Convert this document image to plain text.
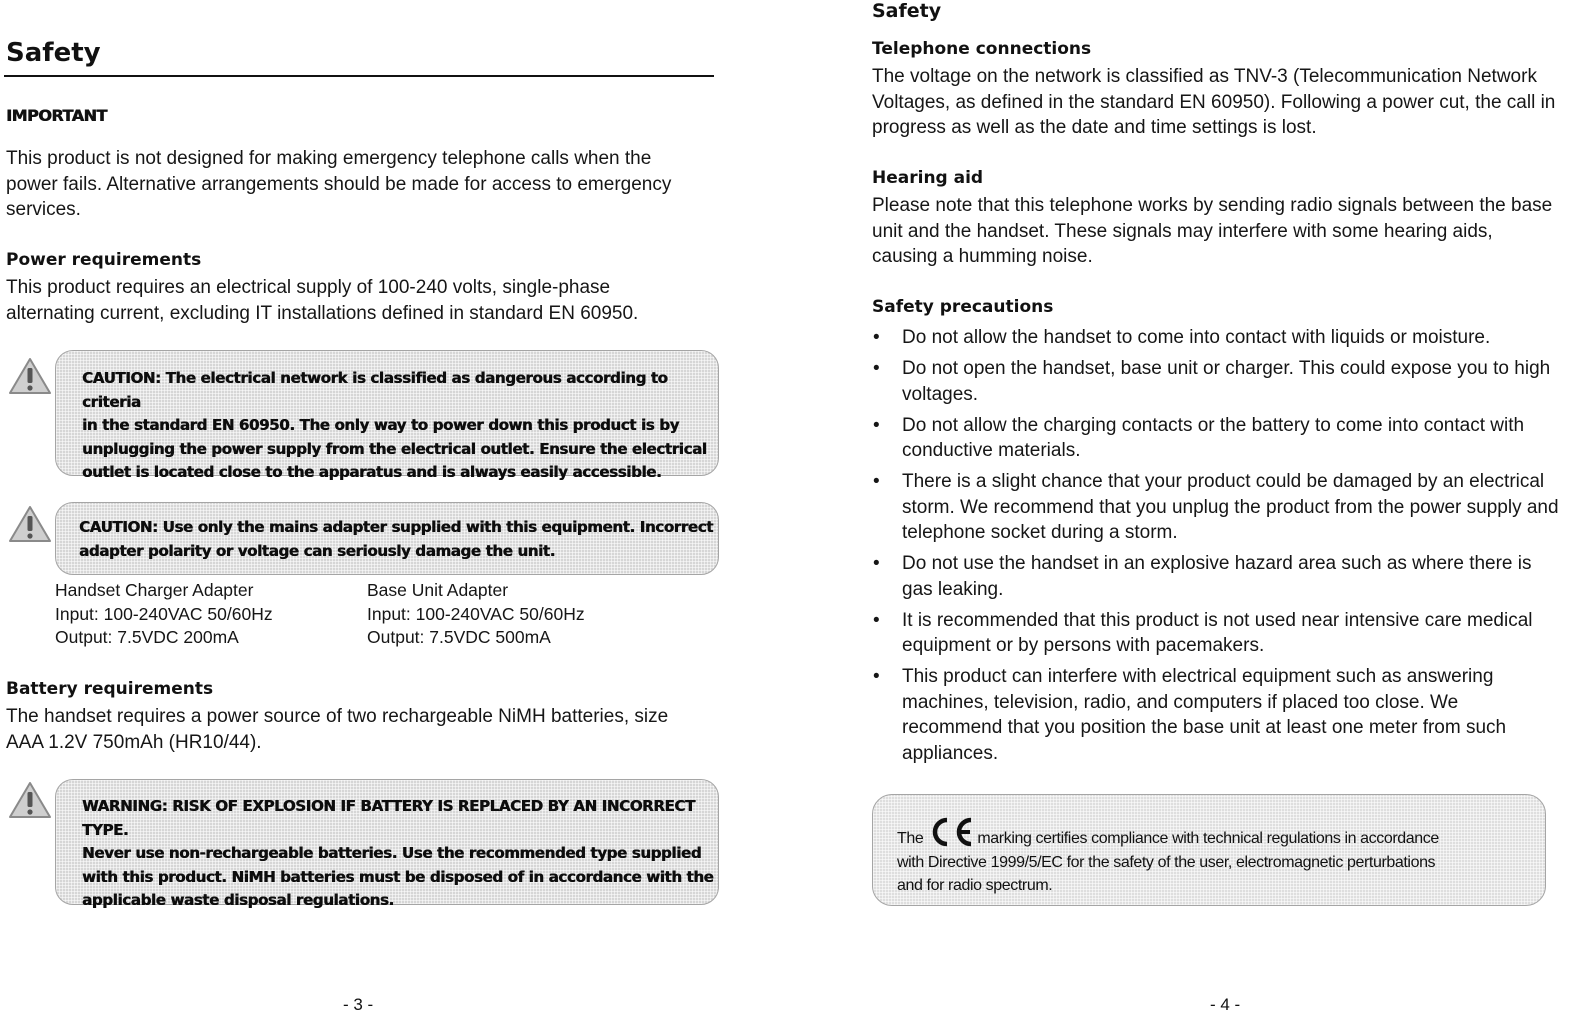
Safety
IMPORTANT
This product is not designed for making emergency telephone calls when the
power fails. Alternative arrangements should be made for access to emergency
services.
Power requirements
This product requires an electrical supply of 100-240 volts, single-phase
alternating current, excluding IT installations defined in standard EN 60950.
CAUTION: The electrical network is classified as dangerous according to criteria
in the standard EN 60950. The only way to power down this product is by
unplugging the power supply from the electrical outlet. Ensure the electrical
outlet is located close to the apparatus and is always easily accessible.
CAUTION: Use only the mains adapter supplied with this equipment. Incorrect
adapter polarity or voltage can seriously damage the unit.
Handset Charger Adapter
Input: 100-240VAC 50/60Hz
Output: 7.5VDC 200mA
Base Unit Adapter
Input: 100-240VAC 50/60Hz
Output: 7.5VDC 500mA
Battery requirements
The handset requires a power source of two rechargeable NiMH batteries, size
AAA 1.2V 750mAh (HR10/44).
WARNING: RISK OF EXPLOSION IF BATTERY IS REPLACED BY AN INCORRECT TYPE.
Never use non-rechargeable batteries. Use the recommended type supplied
with this product. NiMH batteries must be disposed of in accordance with the
applicable waste disposal regulations.
- 3 -
Safety
Telephone connections
The voltage on the network is classified as TNV-3 (Telecommunication Network
Voltages, as defined in the standard EN 60950). Following a power cut, the call in
progress as well as the date and time settings is lost.
Hearing aid
Please note that this telephone works by sending radio signals between the base
unit and the handset. These signals may interfere with some hearing aids,
causing a humming noise.
Safety precautions
• Do not allow the handset to come into contact with liquids or moisture.
• Do not open the handset, base unit or charger. This could expose you to high
voltages.
• Do not allow the charging contacts or the battery to come into contact with
conductive materials.
• There is a slight chance that your product could be damaged by an electrical
storm. We recommend that you unplug the product from the power supply and
telephone socket during a storm.
• Do not use the handset in an explosive hazard area such as where there is
gas leaking.
• It is recommended that this product is not used near intensive care medical
equipment or by persons with pacemakers.
• This product can interfere with electrical equipment such as answering
machines, television, radio, and computers if placed too close. We
recommend that you position the base unit at least one meter from such
appliances.
The	marking certifies compliance with technical regulations in accordance
with Directive 1999/5/EC for the safety of the user, electromagnetic perturbations
and for radio spectrum.
- 4 -
